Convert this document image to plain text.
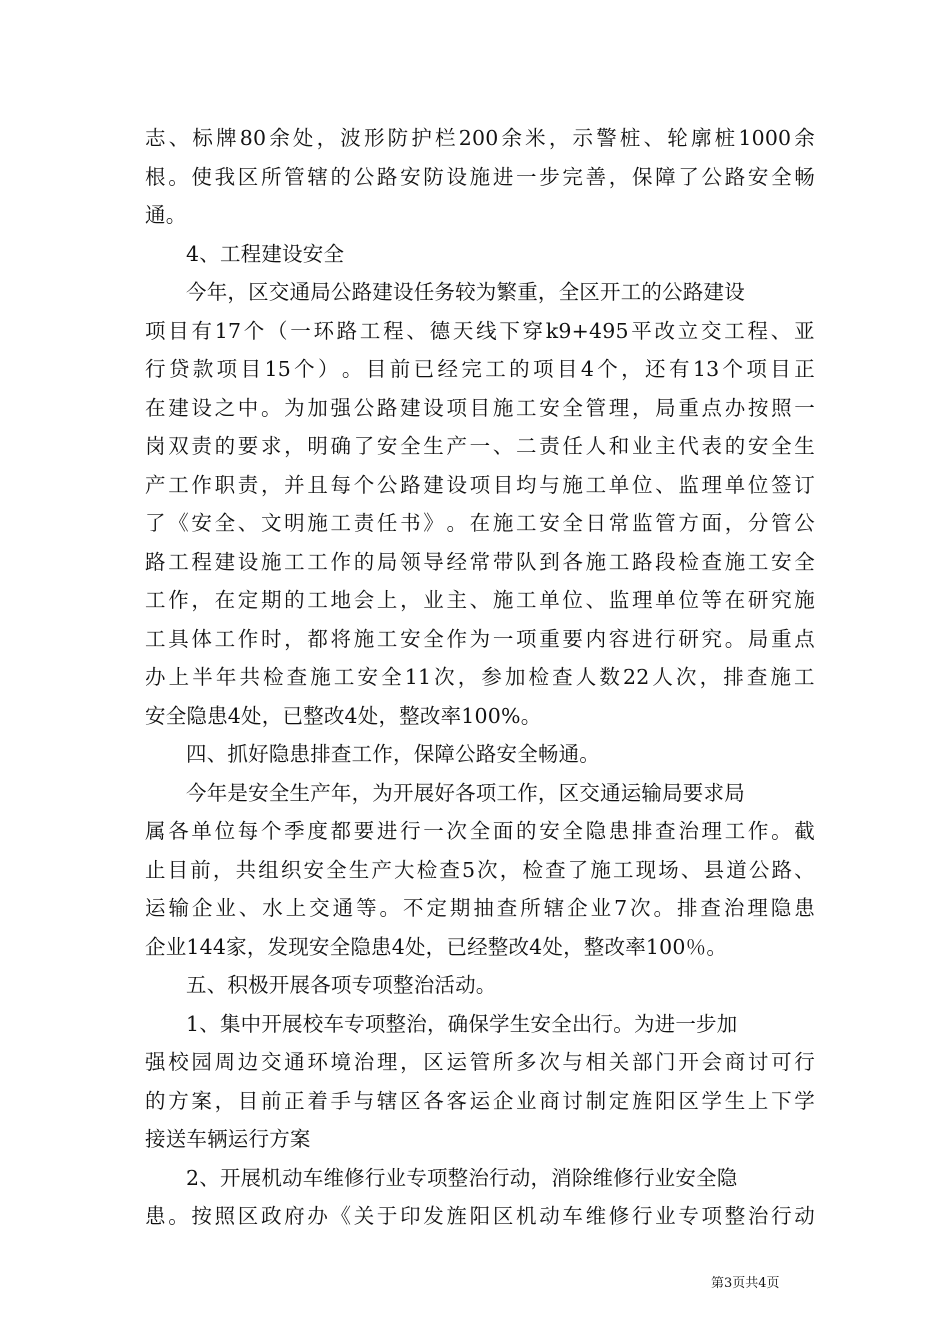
志 、 标 牌 80 余 处 ， 波 形 防 护 栏 200 余 米 ， 示 警 桩 、 轮 廓 桩 1000 余
根 。 使 我 区 所 管 辖 的 公 路 安 防 设 施 进 一 步 完 善 ， 保 障 了 公 路 安 全 畅
通。
4、工程建设安全
今年，区交通局公路建设任务较为繁重，全区开工的公路建设
项 目 有 17 个 （ 一 环 路 工 程 、 德 天 线 下 穿 k9+495 平 改 立 交 工 程 、 亚
行 贷 款 项 目 15 个 ） 。 目 前 已 经 完 工 的 项 目 4 个 ， 还 有 13 个 项 目 正
在 建 设 之 中 。 为 加 强 公 路 建 设 项 目 施 工 安 全 管 理 ， 局 重 点 办 按 照 一
岗 双 责 的 要 求 ， 明 确 了 安 全 生 产 一 、 二 责 任 人 和 业 主 代 表 的 安 全 生
产 工 作 职 责 ， 并 且 每 个 公 路 建 设 项 目 均 与 施 工 单 位 、 监 理 单 位 签 订
了 《 安 全 、 文 明 施 工 责 任 书 》 。 在 施 工 安 全 日 常 监 管 方 面 ， 分 管 公
路 工 程 建 设 施 工 工 作 的 局 领 导 经 常 带 队 到 各 施 工 路 段 检 查 施 工 安 全
工 作 ， 在 定 期 的 工 地 会 上 ， 业 主 、 施 工 单 位 、 监 理 单 位 等 在 研 究 施
工 具 体 工 作 时 ， 都 将 施 工 安 全 作 为 一 项 重 要 内 容 进 行 研 究 。 局 重 点
办 上 半 年 共 检 查 施 工 安 全 11 次 ， 参 加 检 查 人 数 22 人 次 ， 排 查 施 工
安全隐患4处，已整改4处，整改率100%。
四、抓好隐患排查工作，保障公路安全畅通。
今年是安全生产年，为开展好各项工作，区交通运输局要求局
属 各 单 位 每 个 季 度 都 要 进 行 一 次 全 面 的 安 全 隐 患 排 查 治 理 工 作 。 截
止 目 前 ， 共 组 织 安 全 生 产 大 检 查 5 次 ， 检 查 了 施 工 现 场 、 县 道 公 路 、
运 输 企 业 、 水 上 交 通 等 。 不 定 期 抽 查 所 辖 企 业 7 次 。 排 查 治 理 隐 患
企业144家，发现安全隐患4处，已经整改4处，整改率100％。
五、积极开展各项专项整治活动。
1、集中开展校车专项整治，确保学生安全出行。为进一步加
强 校 园 周 边 交 通 环 境 治 理 ， 区 运 管 所 多 次 与 相 关 部 门 开 会 商 讨 可 行
的 方 案 ， 目 前 正 着 手 与 辖 区 各 客 运 企 业 商 讨 制 定 旌 阳 区 学 生 上 下 学
接送车辆运行方案
2、开展机动车维修行业专项整治行动，消除维修行业安全隐
患 。 按 照 区 政 府 办 《 关 于 印 发 旌 阳 区 机 动 车 维 修 行 业 专 项 整 治 行 动
第3页共4页
